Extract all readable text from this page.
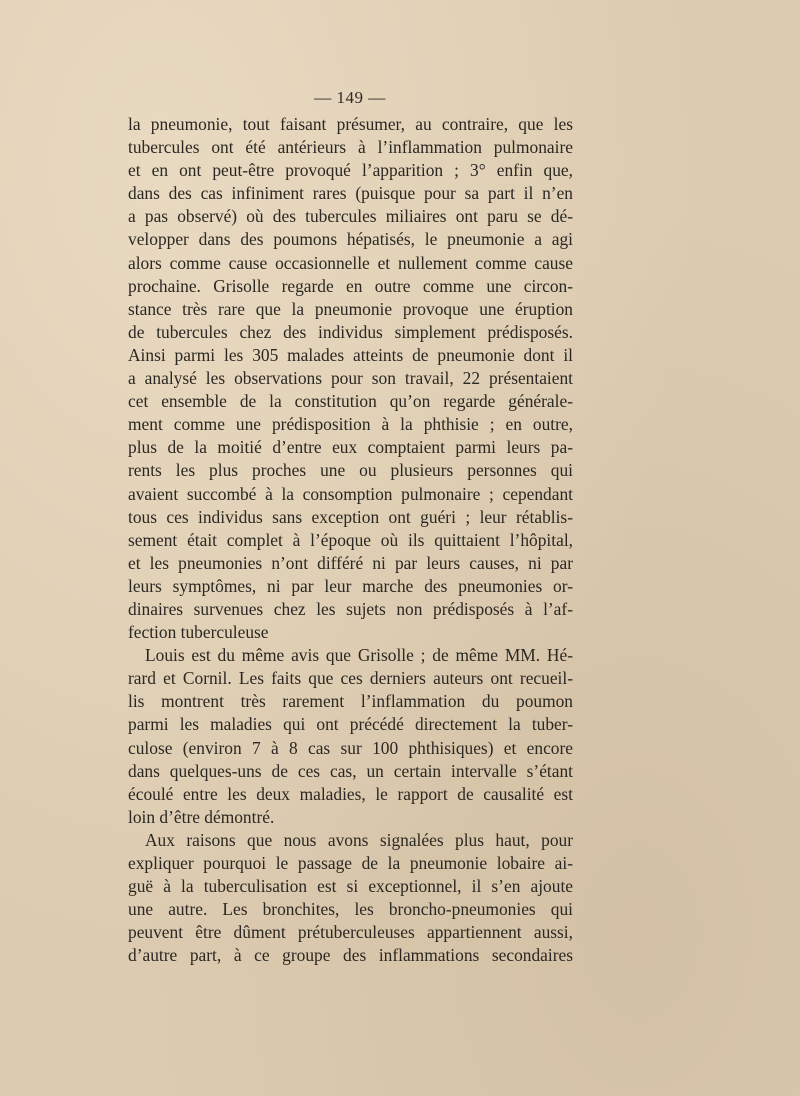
— 149 —
la pneumonie, tout faisant présumer, au contraire, que les
tubercules ont été antérieurs à l’inflammation pulmonaire
et en ont peut-être provoqué l’apparition ; 3° enfin que,
dans des cas infiniment rares (puisque pour sa part il n’en
a pas observé) où des tubercules miliaires ont paru se dé-
velopper dans des poumons hépatisés, le pneumonie a agi
alors comme cause occasionnelle et nullement comme cause
prochaine. Grisolle regarde en outre comme une circon-
stance très rare que la pneumonie provoque une éruption
de tubercules chez des individus simplement prédisposés.
Ainsi parmi les 305 malades atteints de pneumonie dont il
a analysé les observations pour son travail, 22 présentaient
cet ensemble de la constitution qu’on regarde générale-
ment comme une prédisposition à la phthisie ; en outre,
plus de la moitié d’entre eux comptaient parmi leurs pa-
rents les plus proches une ou plusieurs personnes qui
avaient succombé à la consomption pulmonaire ; cependant
tous ces individus sans exception ont guéri ; leur rétablis-
sement était complet à l’époque où ils quittaient l’hôpital,
et les pneumonies n’ont différé ni par leurs causes, ni par
leurs symptômes, ni par leur marche des pneumonies or-
dinaires survenues chez les sujets non prédisposés à l’af-
fection tuberculeuse
Louis est du même avis que Grisolle ; de même MM. Hé-
rard et Cornil. Les faits que ces derniers auteurs ont recueil-
lis montrent très rarement l’inflammation du poumon
parmi les maladies qui ont précédé directement la tuber-
culose (environ 7 à 8 cas sur 100 phthisiques) et encore
dans quelques-uns de ces cas, un certain intervalle s’étant
écoulé entre les deux maladies, le rapport de causalité est
loin d’être démontré.
Aux raisons que nous avons signalées plus haut, pour
expliquer pourquoi le passage de la pneumonie lobaire ai-
guë à la tuberculisation est si exceptionnel, il s’en ajoute
une autre. Les bronchites, les broncho-pneumonies qui
peuvent être dûment prétuberculeuses appartiennent aussi,
d’autre part, à ce groupe des inflammations secondaires
